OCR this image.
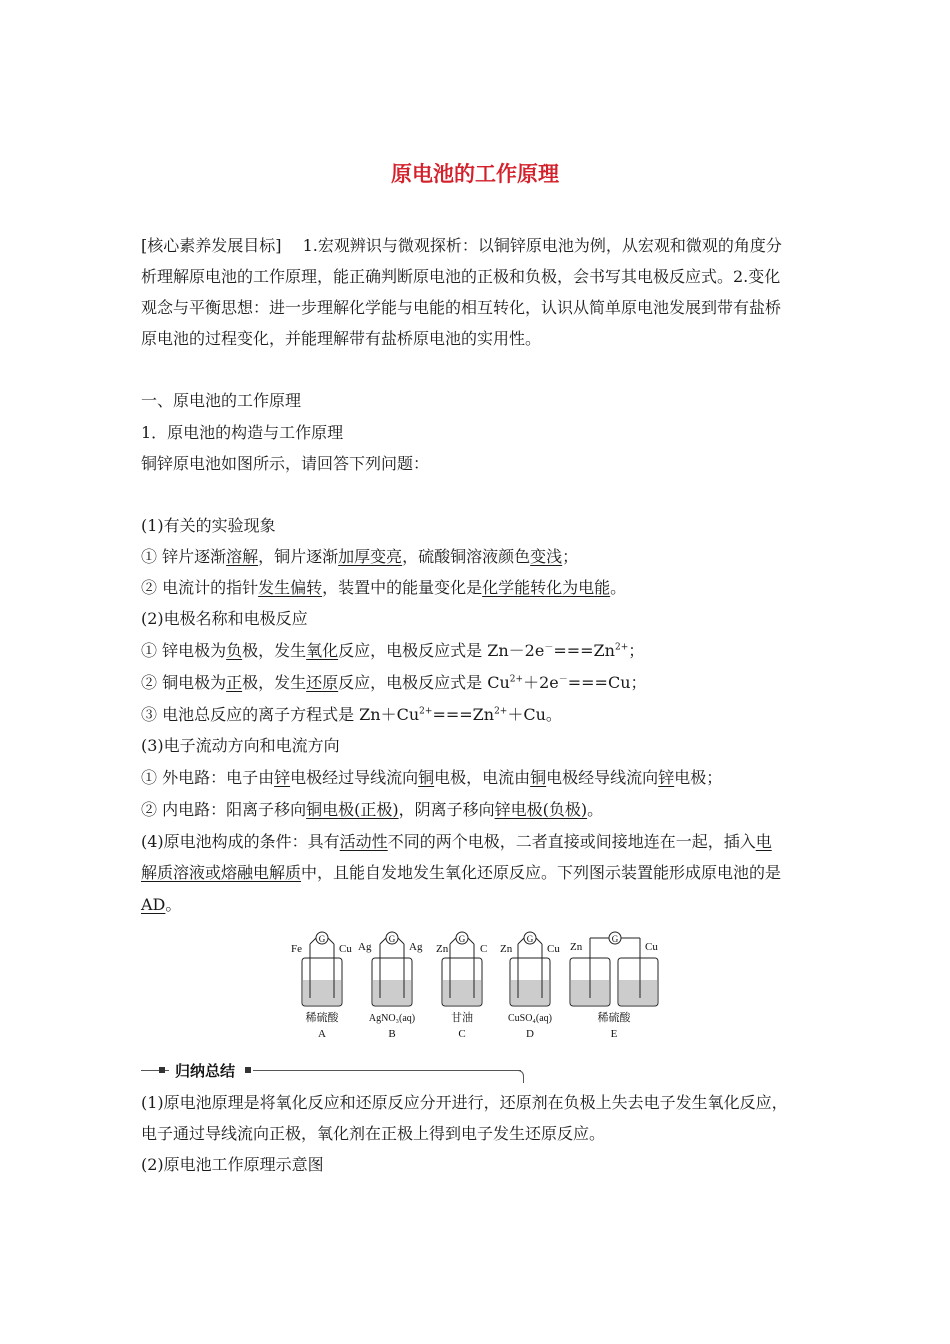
原电池的工作原理
[核心素养发展目标]　 1.宏观辨识与微观探析：以铜锌原电池为例，从宏观和微观的角度分
析理解原电池的工作原理，能正确判断原电池的正极和负极，会书写其电极反应式。2.变化
观念与平衡思想：进一步理解化学能与电能的相互转化，认识从简单原电池发展到带有盐桥
原电池的过程变化，并能理解带有盐桥原电池的实用性。
一、原电池的工作原理
1．原电池的构造与工作原理
铜锌原电池如图所示，请回答下列问题：
(1)有关的实验现象
① 锌片逐渐溶解，铜片逐渐加厚变亮，硫酸铜溶液颜色变浅；
② 电流计的指针发生偏转，装置中的能量变化是化学能转化为电能。
(2)电极名称和电极反应
① 锌电极为负极，发生氧化反应，电极反应式是 $Zn-2e^-===Zn^{2+}$；
② 铜电极为正极，发生还原反应，电极反应式是 $Cu^{2+}+2e^-===Cu$；
③ 电池总反应的离子方程式是 $Zn+Cu^{2+}===Zn^{2+}+Cu$。
(3)电子流动方向和电流方向
① 外电路：电子由锌电极经过导线流向铜电极，电流由铜电极经导线流向锌电极；
② 内电路：阳离子移向铜电极(正极)，阴离子移向锌电极(负极)。
(4)原电池构成的条件：具有活动性不同的两个电极，二者直接或间接地连在一起，插入电
解质溶液或熔融电解质中，且能自发地发生氧化还原反应。下列图示装置能形成原电池的是
AD。
G	G	G	G	G
Fe	Cu
稀硫酸
A
Ag	Ag
AgNO₃(aq)
B
Zn	C
甘油
C
Zn	Cu
CuSO₄(aq)
D
Zn	Cu
稀硫酸
E
归纳总结
(1)原电池原理是将氧化反应和还原反应分开进行，还原剂在负极上失去电子发生氧化反应，
电子通过导线流向正极，氧化剂在正极上得到电子发生还原反应。
(2)原电池工作原理示意图
